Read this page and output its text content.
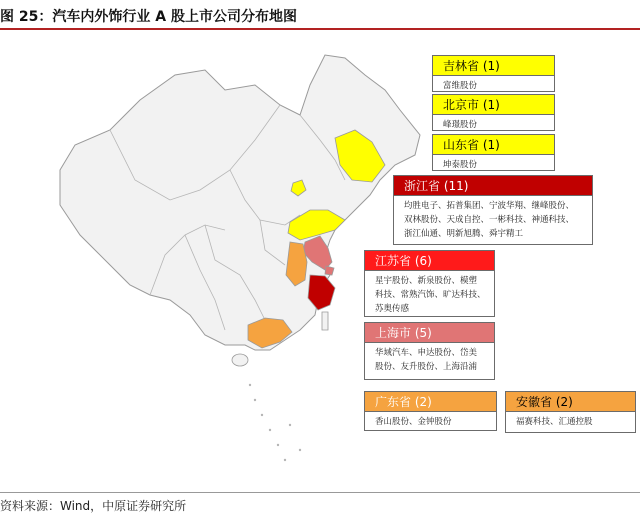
图 25：汽车内外饰行业 A 股上市公司分布地图
吉林省 (1)
富维股份
北京市 (1)
峰璟股份
山东省 (1)
坤泰股份
浙江省 (11)
均胜电子、拓普集团、宁波华翔、继峰股份、
双林股份、天成自控、一彬科技、神通科技、
浙江仙通、明新旭腾、舜宇精工
江苏省 (6)
星宇股份、新泉股份、模塑
科技、常熟汽饰、旷达科技、
苏奥传感
上海市 (5)
华域汽车、申达股份、岱美
股份、友升股份、上海沿浦
广东省 (2)
香山股份、金钟股份
安徽省 (2)
福赛科技、汇通控股
资料来源：Wind，中原证券研究所
